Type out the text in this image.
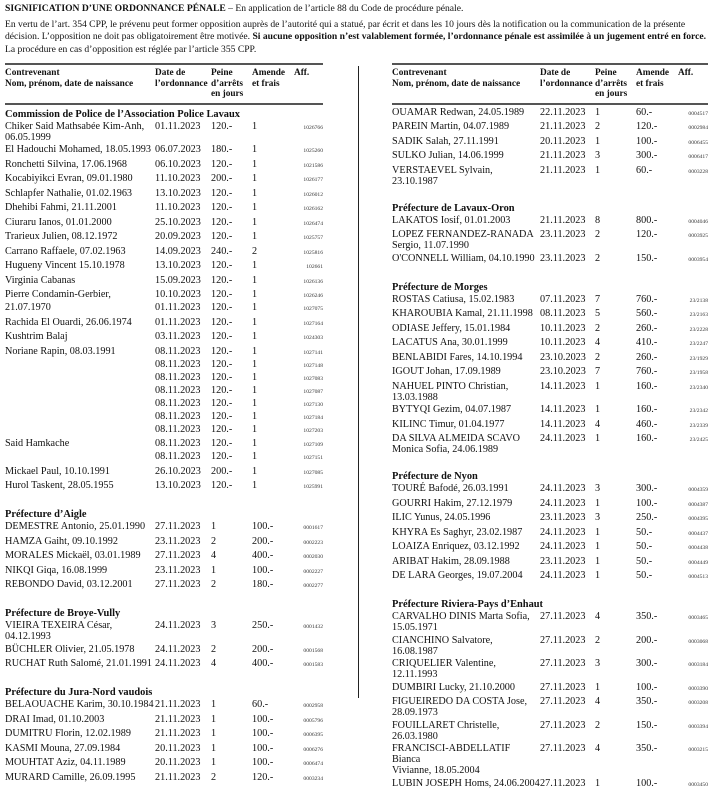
SIGNIFICATION D’UNE ORDONNANCE PÉNALE – En application de l’article 88 du Code de procédure pénale.

En vertu de l’art. 354 CPP, le prévenu peut former opposition auprès de l’autorité qui a statué, par écrit et dans les 10 jours dès la notification ou la communication de la présente décision. L’opposition ne doit pas obligatoirement être motivée. Si aucune opposition n’est valablement formée, l’ordonnance pénale est assimilée à un jugement entré en force. La procédure en cas d’opposition est réglée par l’article 355 CPP.

Contrevenant
Nom, prénom, date de naissance
Date de
l’ordonnance
Peine
d’arrêts
en jours
Amende
et frais
Aff.
Commission de Police de l’Association Police Lavaux
Chiker Said Mathsabée Kim-Anh,
06.05.1999
01.11.2023	120.-	1	1026766
El Hadouchi Mohamed, 18.05.1993 06.07.2023 180.-	1	1025260
Ronchetti Silvina, 17.06.1968	06.10.2023 120.-	1	1021586
Kocabiyikci Evran, 09.01.1980	11.10.2023	200.-	1	1026177
Schlapfer Nathalie, 01.02.1963	13.10.2023 120.-	1	1026012
Dhehibi Fahmi, 21.11.2001	11.10.2023	120.-	1	1026162
Ciuraru Ianos, 01.01.2000	25.10.2023 120.-	1	1026474
Trarieux Julien, 08.12.1972	20.09.2023 120.-	1	1025757
Carrano Raffaele, 07.02.1963	14.09.2023 240.-	2	1025816
Hugueny Vincent 15.10.1978	13.10.2023 120.-	1	102661
Virginia Cabanas	15.09.2023 120.-	1	1026136
Pierre Condamin-Gerbier,	10.10.2023 120.-	1	1026246
21.07.1970	01.11.2023	120.-	1	1027075
Rachida El Ouardi, 26.06.1974	01.11.2023	120.-	1	1027164
Kushtrim Balaj	03.11.2023	120.-	1	1024303
Noriane Rapin, 08.03.1991	08.11.2023	120.-	1	1027141
08.11.2023	120.-	1	1027148
08.11.2023	120.-	1	1027083
08.11.2023	120.-	1	1027087
08.11.2023	120.-	1	1027130
08.11.2023	120.-	1	1027184
08.11.2023	120.-	1	1027203
Said Hamkache	08.11.2023	120.-	1	1027109
08.11.2023	120.-	1	1027151
Mickael Paul, 10.10.1991	26.10.2023 200.-	1	1027085
Hurol Taskent, 28.05.1955	13.10.2023 120.-	1	1025991
Préfecture d’Aigle
DEMESTRE Antonio, 25.01.1990 27.11.2023	1	100.-	0001617
HAMZA Gaiht, 09.10.1992	23.11.2023	2	200.-	0002223
MORALES Mickaël, 03.01.1989	27.11.2023	4	400.-	0002030
NIKQI Giqa, 16.08.1999	23.11.2023	1	100.-	0002227
REBONDO David, 03.12.2001	27.11.2023	2	180.-	0002277
Préfecture de Broye-Vully
VIEIRA TEXEIRA César,
04.12.1993
24.11.2023	3	250.-	0001432
BÜCHLER Olivier, 21.05.1978	24.11.2023	2	200.-	0001568
RUCHAT Ruth Salomé, 21.01.1991 24.11.2023	4	400.-	0001583
Préfecture du Jura-Nord vaudois
BELAOUACHE Karim, 30.10.1984 21.11.2023	1	60.-	0002958
DRAI Imad, 01.10.2003	21.11.2023	1	100.-	0005796
DUMITRU Florin, 12.02.1989	21.11.2023	1	100.-	0006395
KASMI Mouna, 27.09.1984	20.11.2023	1	100.-	0006276
MOUHTAT Aziz, 04.11.1989	20.11.2023	1	100.-	0006474
MURARD Camille, 26.09.1995	21.11.2023	2	120.-	0003234
Contrevenant
Nom, prénom, date de naissance
Date de
l’ordonnance
Peine
d’arrêts
en jours
Amende
et frais
Aff.
OUAMAR Redwan, 24.05.1989	22.11.2023 1	60.-	0004517
PAREIN Martin, 04.07.1989	21.11.2023 2	120.-	0002984
SADIK Salah, 27.11.1991	20.11.2023 1	100.-	0006455
SULKO Julian, 14.06.1999	21.11.2023 3	300.-	0006417
VERSTAEVEL Sylvain, 23.10.1987
21.11.2023 1	60.-	0003228
Préfecture de Lavaux-Oron
LAKATOS Iosif, 01.01.2003	21.11.2023 8	800.-	0004046
LOPEZ FERNANDEZ-RANADA
Sergio, 11.07.1990
23.11.2023 2	120.-	0003925
O'CONNELL William, 04.10.1990 23.11.2023 2	150.-	0003954
Préfecture de Morges
ROSTAS Catiusa, 15.02.1983	07.11.2023 7	760.-	23/2138
KHAROUBIA Kamal, 21.11.1998 08.11.2023 5	560.-	23/2163
ODIASE Jeffery, 15.01.1984	10.11.2023 2	260.-	23/2228
LACATUS Ana, 30.01.1999	10.11.2023 4	410.-	23/2247
BENLABIDI Fares, 14.10.1994	23.10.2023 2	260.-	23/1929
IGOUT Johan, 17.09.1989	23.10.2023 7	760.-	23/1958
NAHUEL PINTO Christian,
13.03.1988
14.11.2023 1	160.-	23/2340
BYTYQI Gezim, 04.07.1987	14.11.2023 1	160.-	23/2342
KILINC Timur, 01.04.1977	14.11.2023 4	460.-	23/2339
DA SILVA ALMEIDA SCAVO
Monica Sofia, 24.06.1989
24.11.2023 1	160.-	23/2425
Préfecture de Nyon
TOURÉ Bafodé, 26.03.1991	24.11.2023 3	300.-	0004359
GOURRI Hakim, 27.12.1979	24.11.2023 1	100.-	0004387
ILIC Yunus, 24.05.1996	23.11.2023 3	250.-	0004395
KHYRA Es Saghyr, 23.02.1987	24.11.2023 1	50.-	0004437
LOAIZA Enriquez, 03.12.1992	24.11.2023 1	50.-	0004438
ARIBAT Hakim, 28.09.1988	23.11.2023 1	50.-	0004449
DE LARA Georges, 19.07.2004	24.11.2023 1	50.-	0004513
Préfecture Riviera-Pays d’Enhaut
CARVALHO DINIS Marta Sofia,
15.05.1971
27.11.2023 4	350.-	0003465
CIANCHINO Salvatore, 16.08.1987
27.11.2023 2	200.-	0003068
CRIQUELIER Valentine, 12.11.1993
27.11.2023 3	300.-	0003184
DUMBIRI Lucky, 21.10.2000	27.11.2023 1	100.-	0003390
FIGUEIREDO DA COSTA Jose,
28.09.1973
27.11.2023 4	350.-	0003208
FOUILLARET Christelle,
26.03.1980
27.11.2023 2	150.-	0003394
FRANCISCI-ABDELLATIF Bianca
Vivianne, 18.05.2004
27.11.2023 4	350.-	0003215
LUBIN JOSEPH Homs, 24.06.2004 27.11.2023 1	100.-	0003450
